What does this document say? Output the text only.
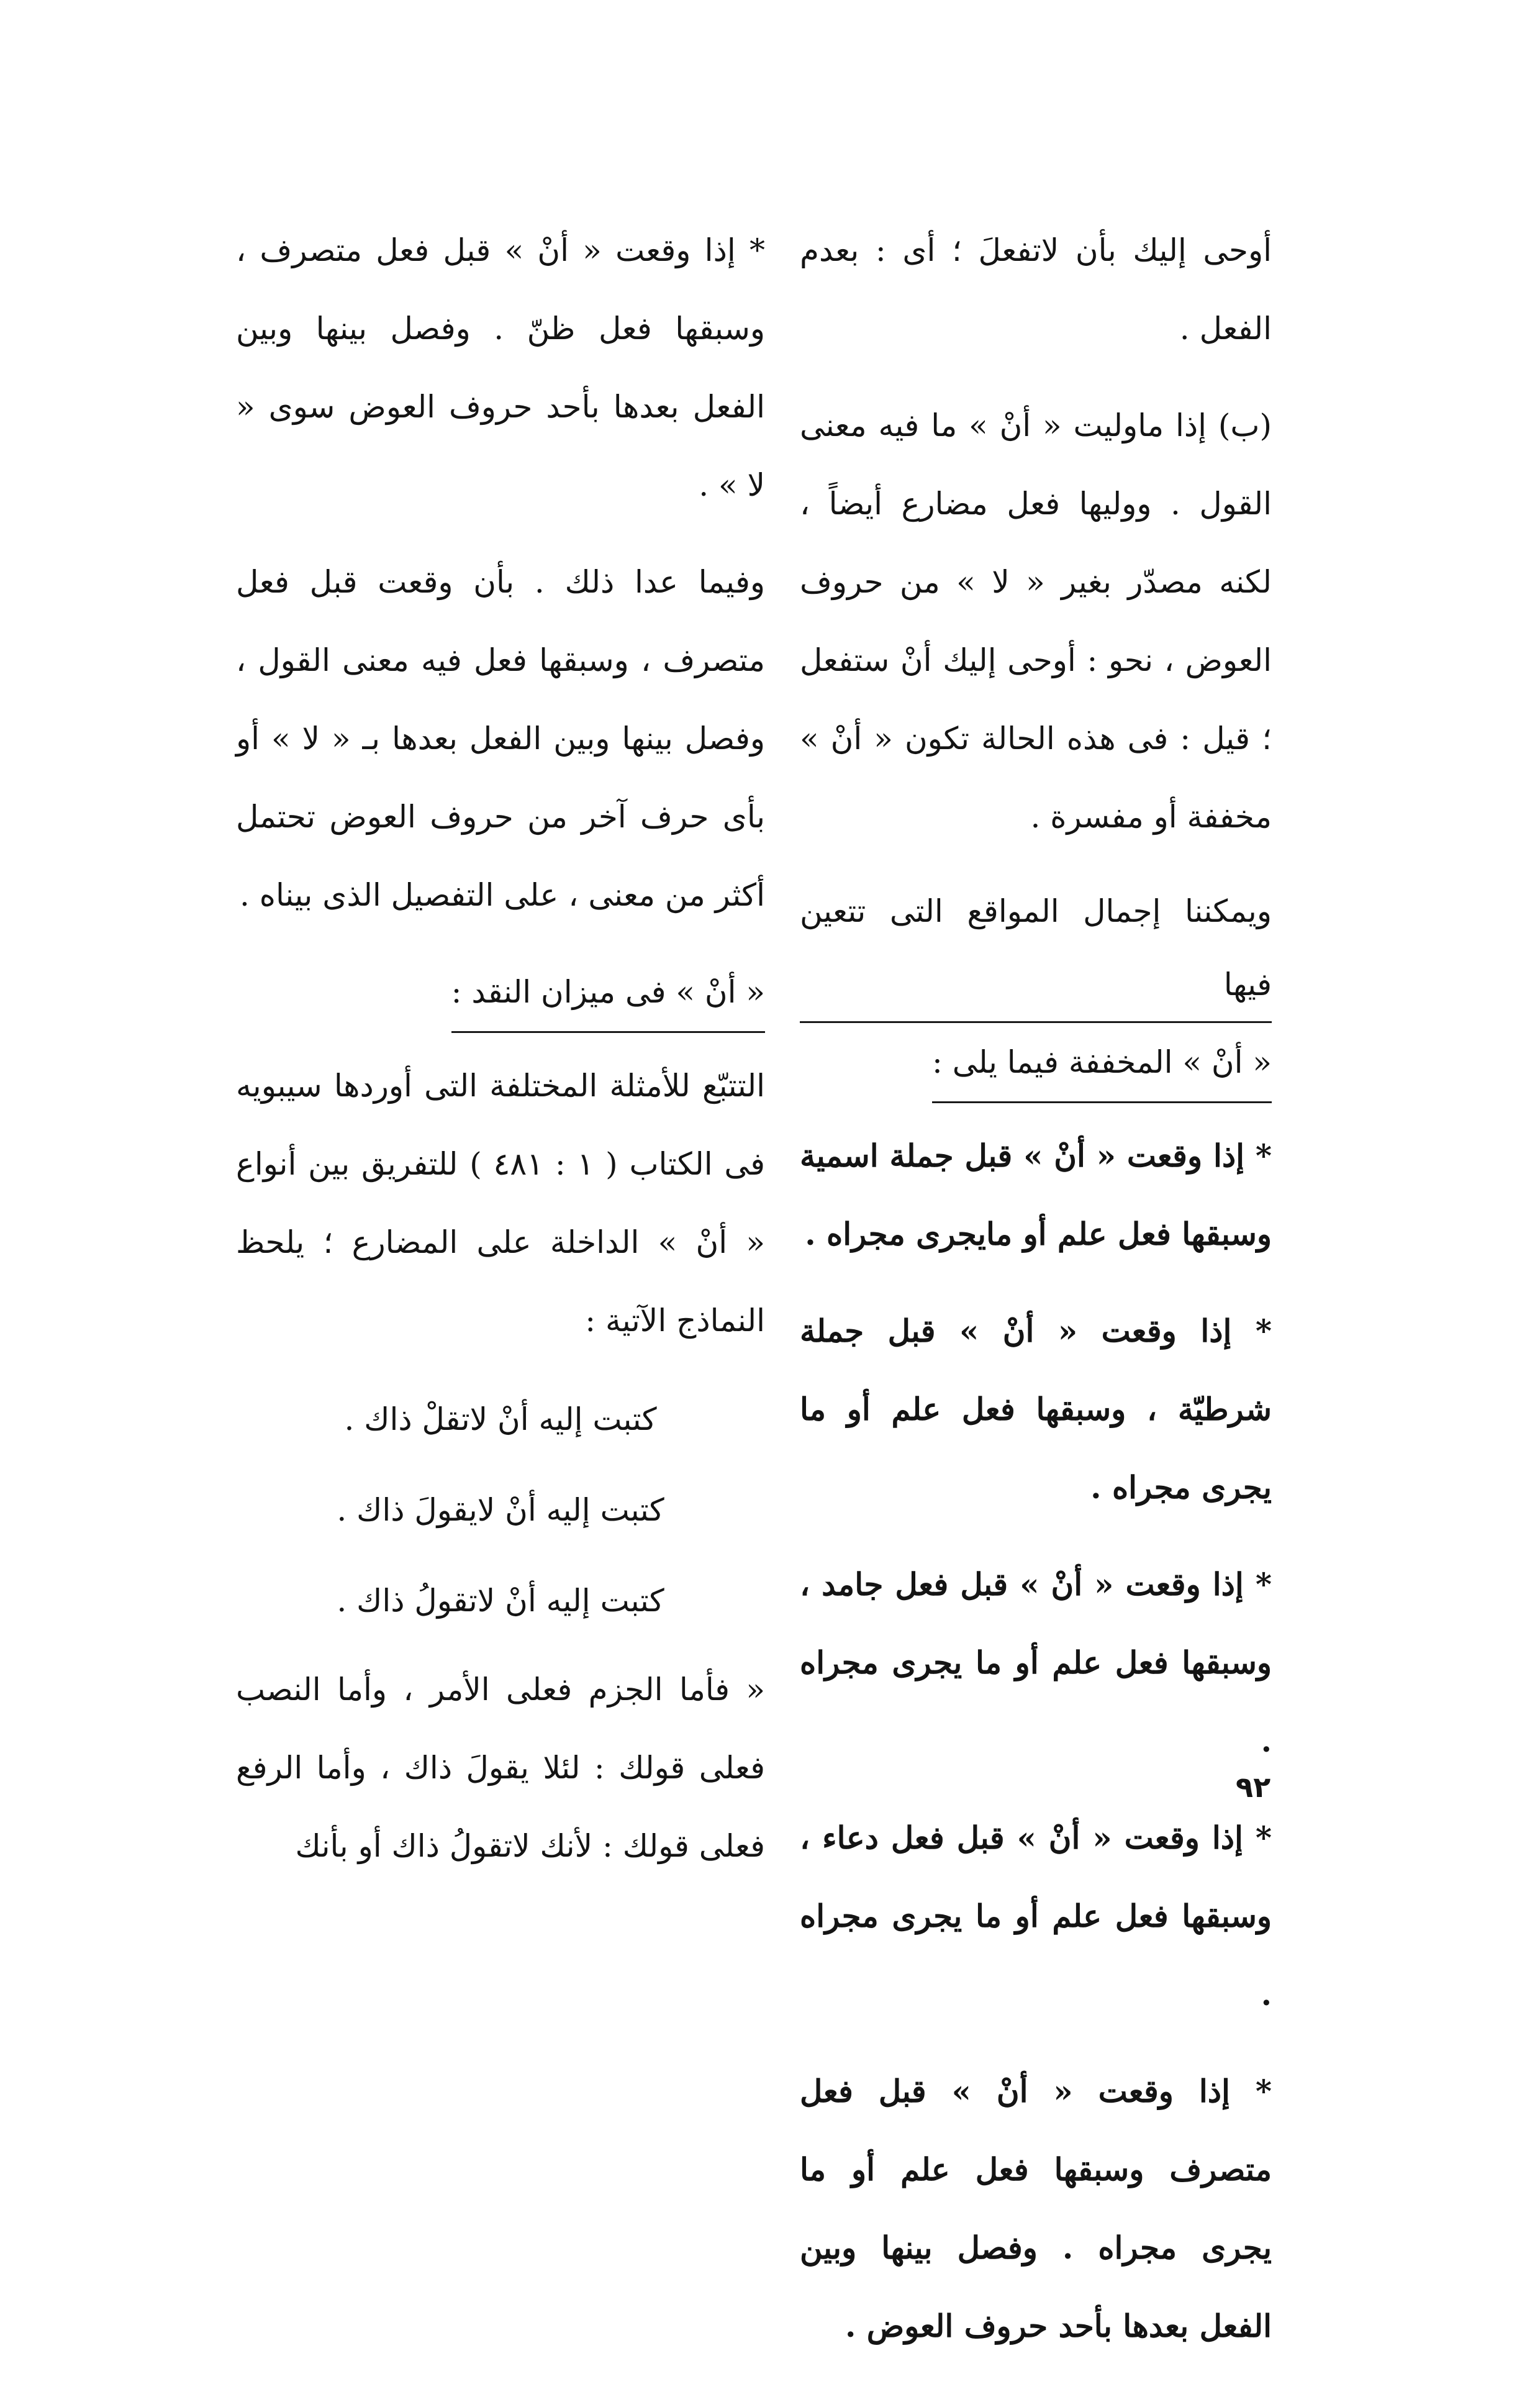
أوحى إليك بأن لاتفعلَ ؛ أى : بعدم الفعل .

(ب) إذا ماوليت « أنْ » ما فيه معنى القول . ووليها فعل مضارع أيضاً ، لكنه مصدّر بغير « لا » من حروف العوض ، نحو : أوحى إليك أنْ ستفعل ؛ قيل : فى هذه الحالة تكون « أنْ » مخففة أو مفسرة .

ويمكننا إجمال المواقع التى تتعين فيها
« أنْ » المخففة فيما يلى :

* إذا وقعت « أنْ » قبل جملة اسمية وسبقها فعل علم أو مايجرى مجراه .

* إذا وقعت « أنْ » قبل جملة شرطيّة ، وسبقها فعل علم أو ما يجرى مجراه .

* إذا وقعت « أنْ » قبل فعل جامد ، وسبقها فعل علم أو ما يجرى مجراه .

* إذا وقعت « أنْ » قبل فعل دعاء ، وسبقها فعل علم أو ما يجرى مجراه .

* إذا وقعت « أنْ » قبل فعل متصرف وسبقها فعل علم أو ما يجرى مجراه . وفصل بينها وبين الفعل بعدها بأحد حروف العوض .

* إذا وقعت « أنْ » قبل فعل متصرف ، وسبقها فعل ظنّ . وفصل بينها وبين الفعل بعدها بأحد حروف العوض سوى « لا » .

وفيما عدا ذلك . بأن وقعت قبل فعل متصرف ، وسبقها فعل فيه معنى القول ، وفصل بينها وبين الفعل بعدها بـ « لا » أو بأى حرف آخر من حروف العوض تحتمل أكثر من معنى ، على التفصيل الذى بيناه .

« أنْ » فى ميزان النقد :

التتبّع للأمثلة المختلفة التى أوردها سيبويه فى الكتاب ( ١ : ٤٨١ ) للتفريق بين أنواع « أنْ » الداخلة على المضارع ؛ يلحظ النماذج الآتية :

كتبت إليه أنْ لاتقلْ ذاك .

كتبت إليه أنْ لايقولَ ذاك .

كتبت إليه أنْ لاتقولُ ذاك .

« فأما الجزم فعلى الأمر ، وأما النصب فعلى قولك : لئلا يقولَ ذاك ، وأما الرفع فعلى قولك : لأنك لاتقولُ ذاك أو بأنك

٩٢
